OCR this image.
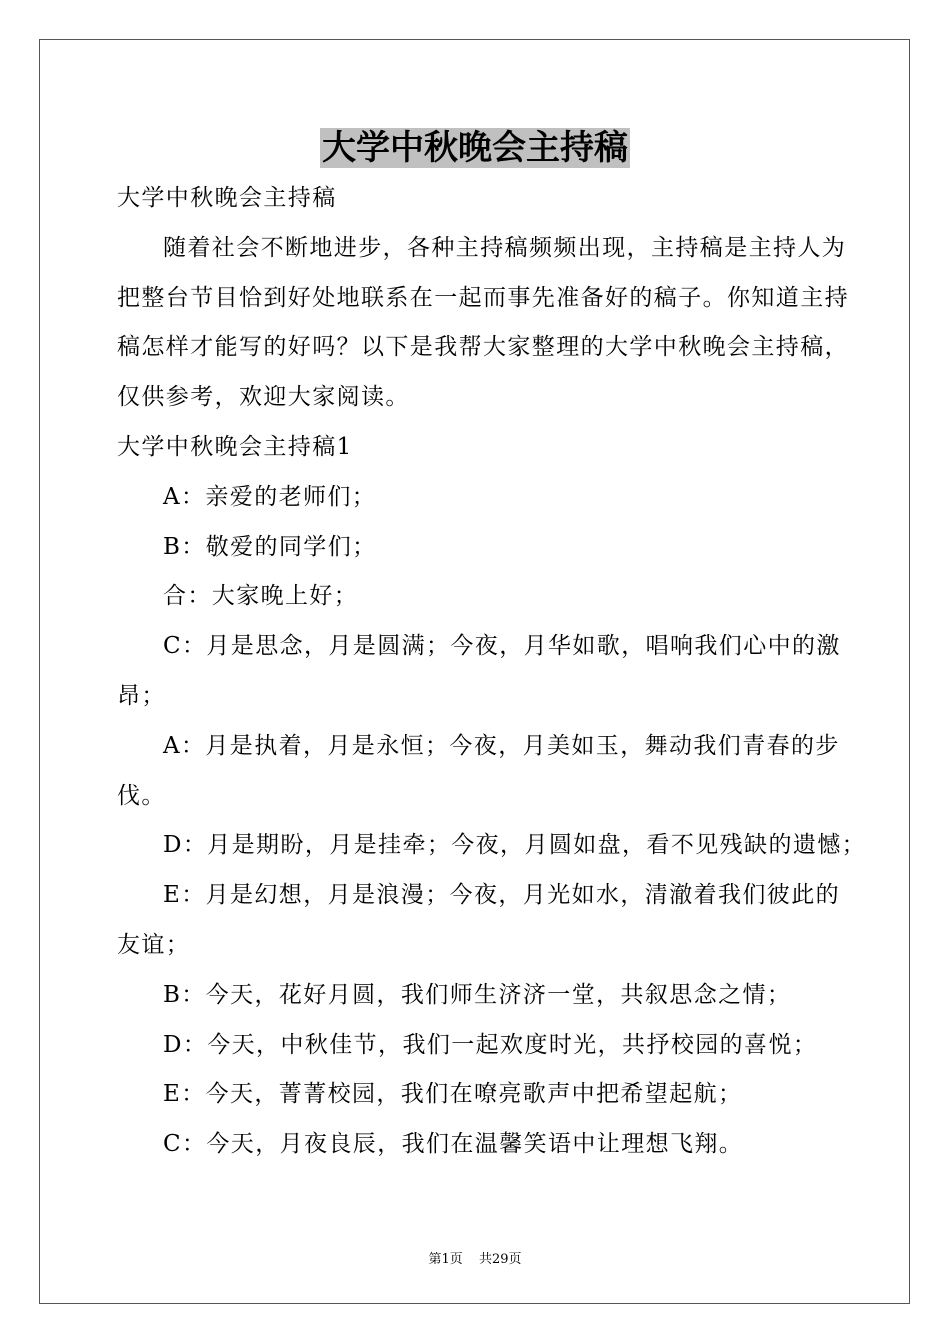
大学中秋晚会主持稿
大学中秋晚会主持稿
随着社会不断地进步，各种主持稿频频出现，主持稿是主持人为
把整台节目恰到好处地联系在一起而事先准备好的稿子。你知道主持
稿怎样才能写的好吗？以下是我帮大家整理的大学中秋晚会主持稿，
仅供参考，欢迎大家阅读。
大学中秋晚会主持稿1
A：亲爱的老师们；
B：敬爱的同学们；
合：大家晚上好；
C：月是思念，月是圆满；今夜，月华如歌，唱响我们心中的激
昂；
A：月是执着，月是永恒；今夜，月美如玉，舞动我们青春的步
伐。
D：月是期盼，月是挂牵；今夜，月圆如盘，看不见残缺的遗憾；
E：月是幻想，月是浪漫；今夜，月光如水，清澈着我们彼此的
友谊；
B：今天，花好月圆，我们师生济济一堂，共叙思念之情；
D：今天，中秋佳节，我们一起欢度时光，共抒校园的喜悦；
E：今天，菁菁校园，我们在嘹亮歌声中把希望起航；
C：今天，月夜良辰，我们在温馨笑语中让理想飞翔。
第1页 共29页
